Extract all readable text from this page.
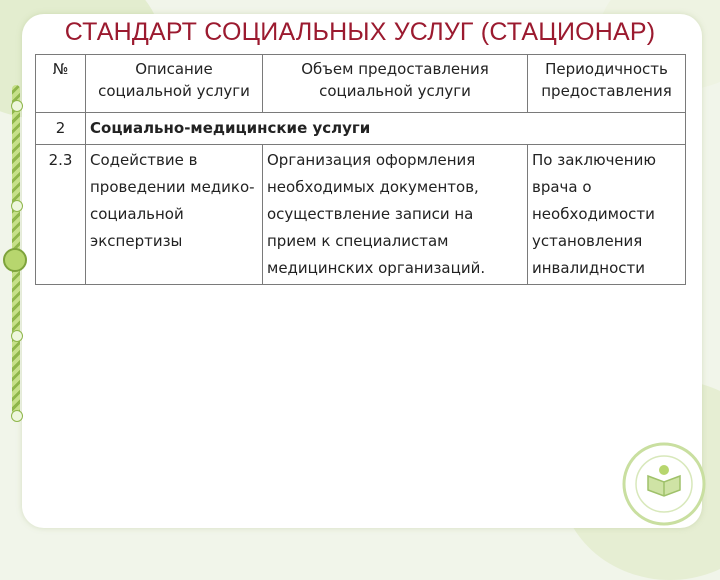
СТАНДАРТ СОЦИАЛЬНЫХ УСЛУГ (СТАЦИОНАР)
№	Описание социальной услуги	Объем предоставления социальной услуги	Периодичность предоставления
2	Социально-медицинские услуги		
2.3	Содействие в проведении медико-социальной экспертизы	Организация оформления необходимых документов, осуществление записи на прием к специалистам медицинских организаций.	По заключению врача о необходимости установления инвалидности
